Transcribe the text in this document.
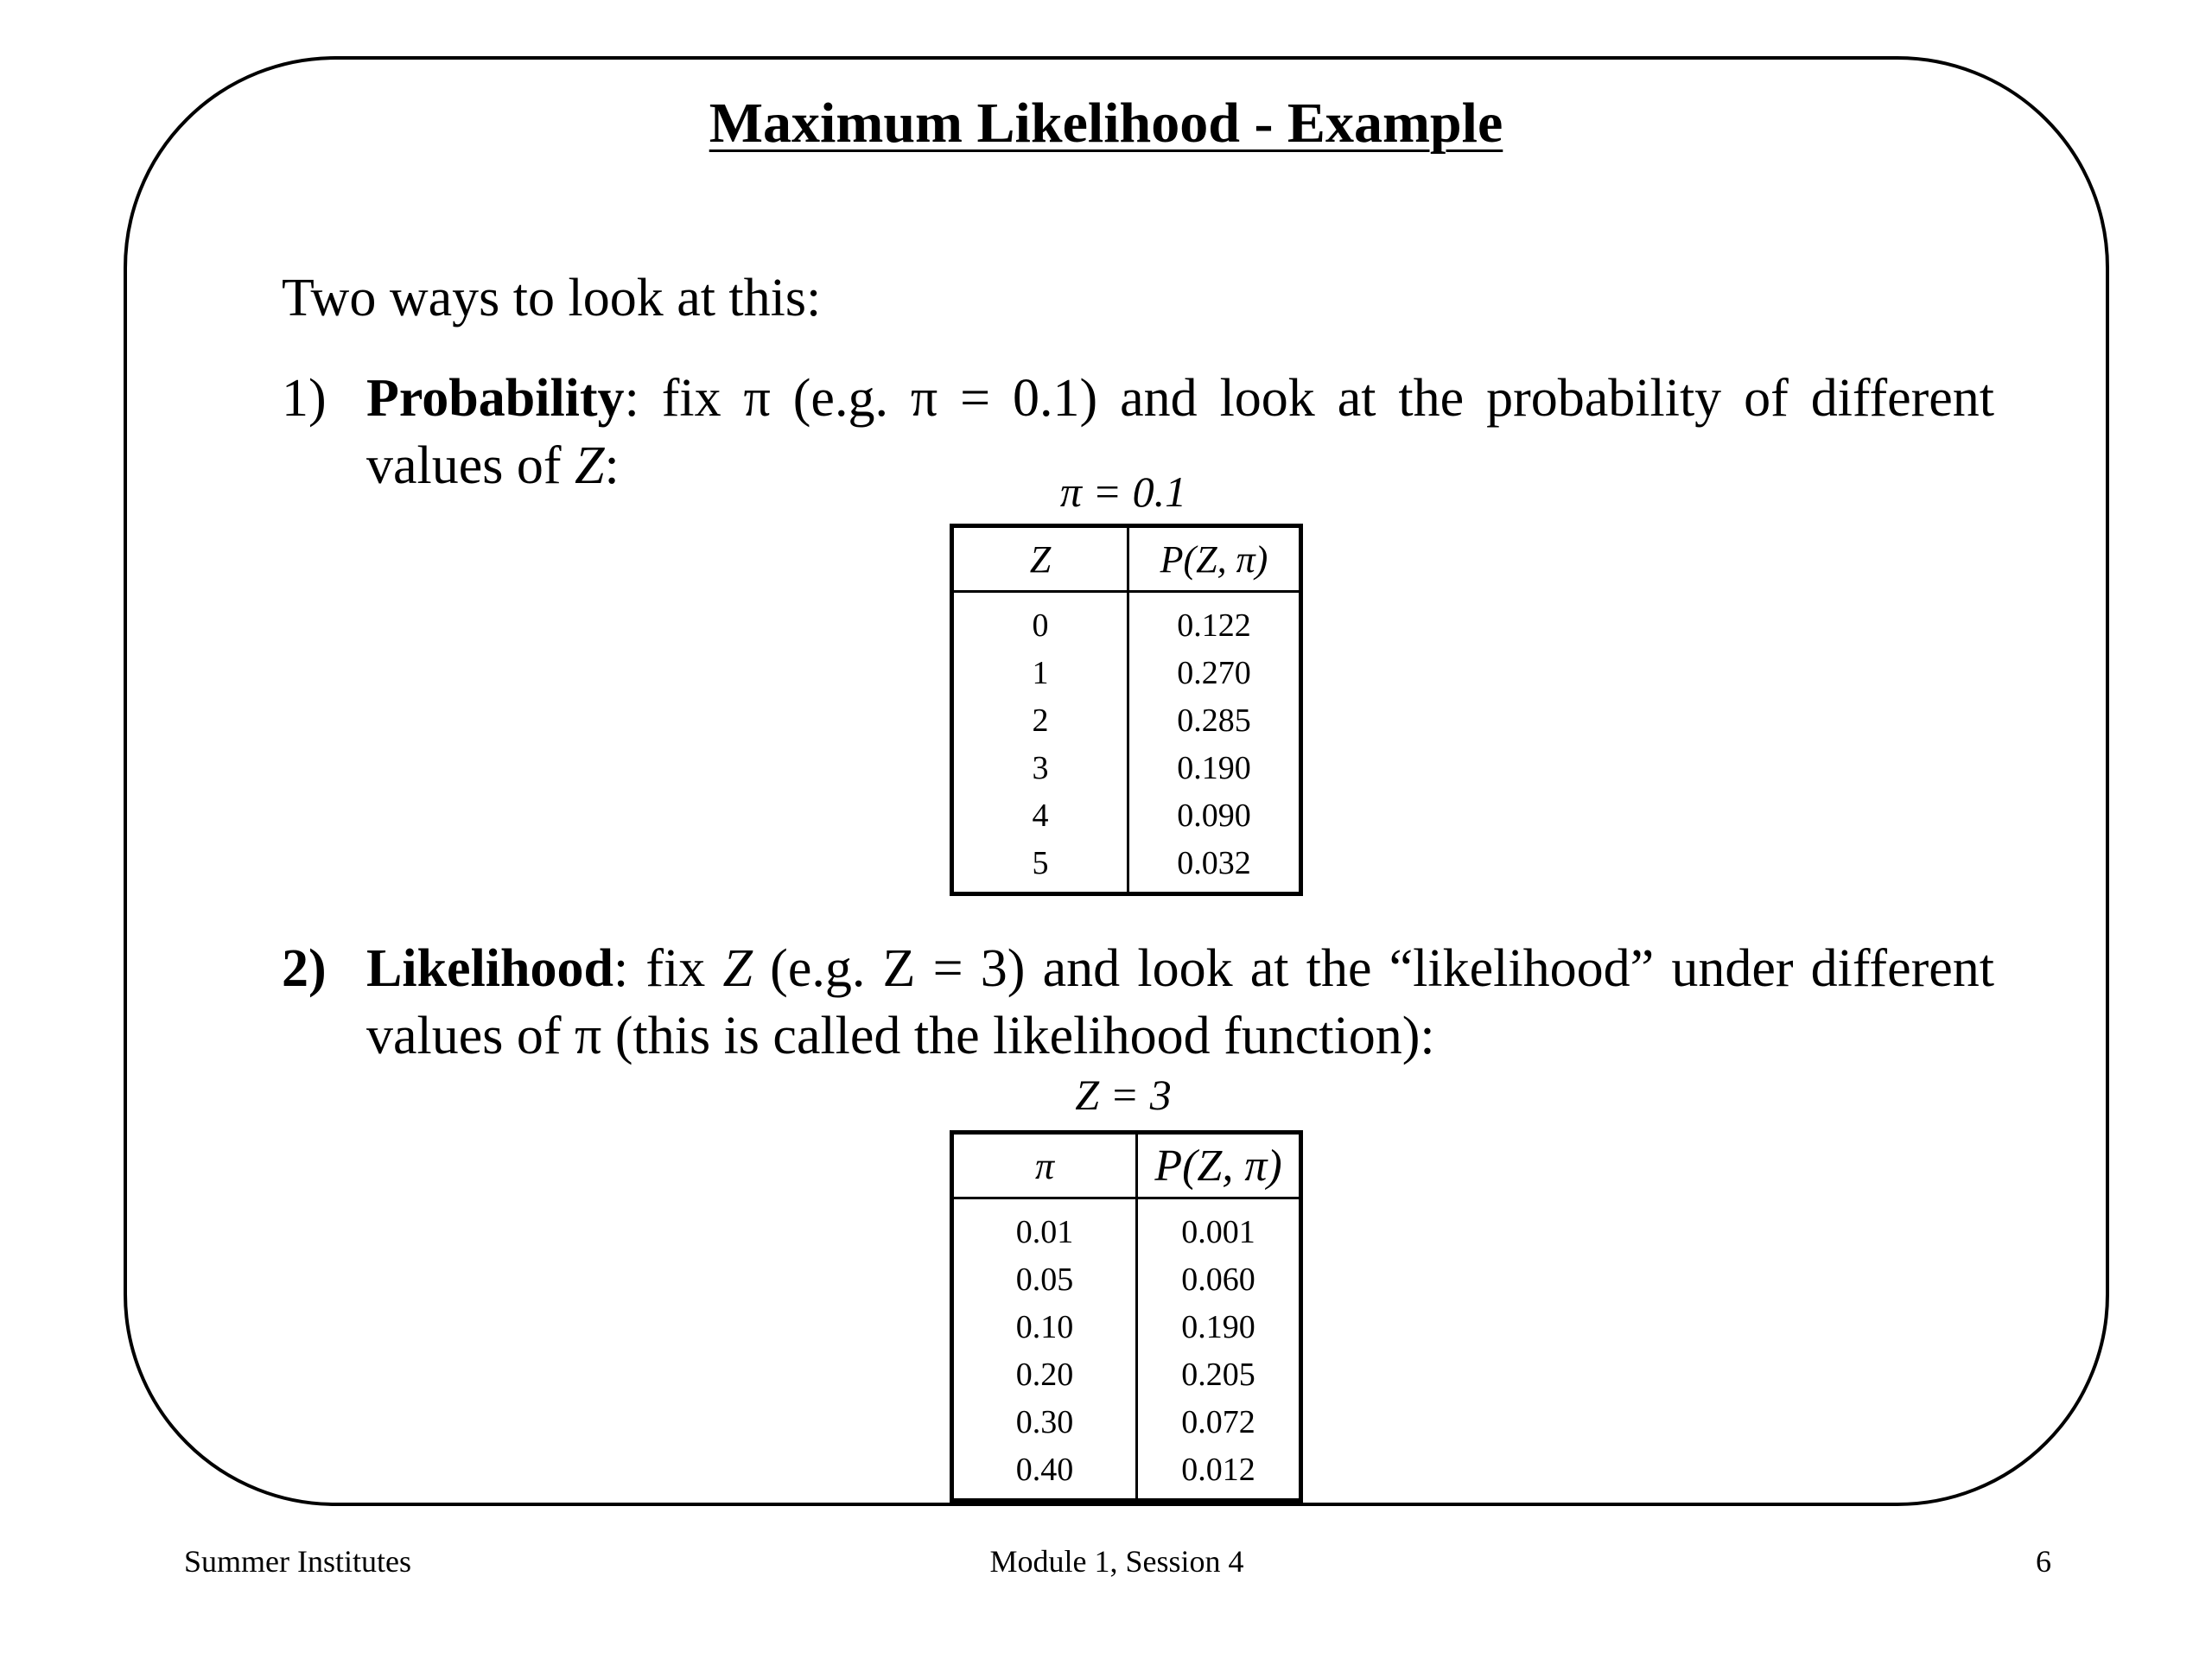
Maximum Likelihood - Example
Two ways to look at this:
1) Probability: fix π (e.g. π = 0.1) and look at the probability of different values of Z:	π = 0.1
Z	P(Z, π)
0	0.122
1	0.270
2	0.285
3	0.190
4	0.090
5	0.032
2) Likelihood: fix Z (e.g. Z = 3) and look at the “likelihood” under different values of π (this is called the likelihood function):
Z = 3
π	P(Z, π)
0.01	0.001
0.05	0.060
0.10	0.190
0.20	0.205
0.30	0.072
0.40	0.012
Summer Institutes	Module 1, Session 4	6
